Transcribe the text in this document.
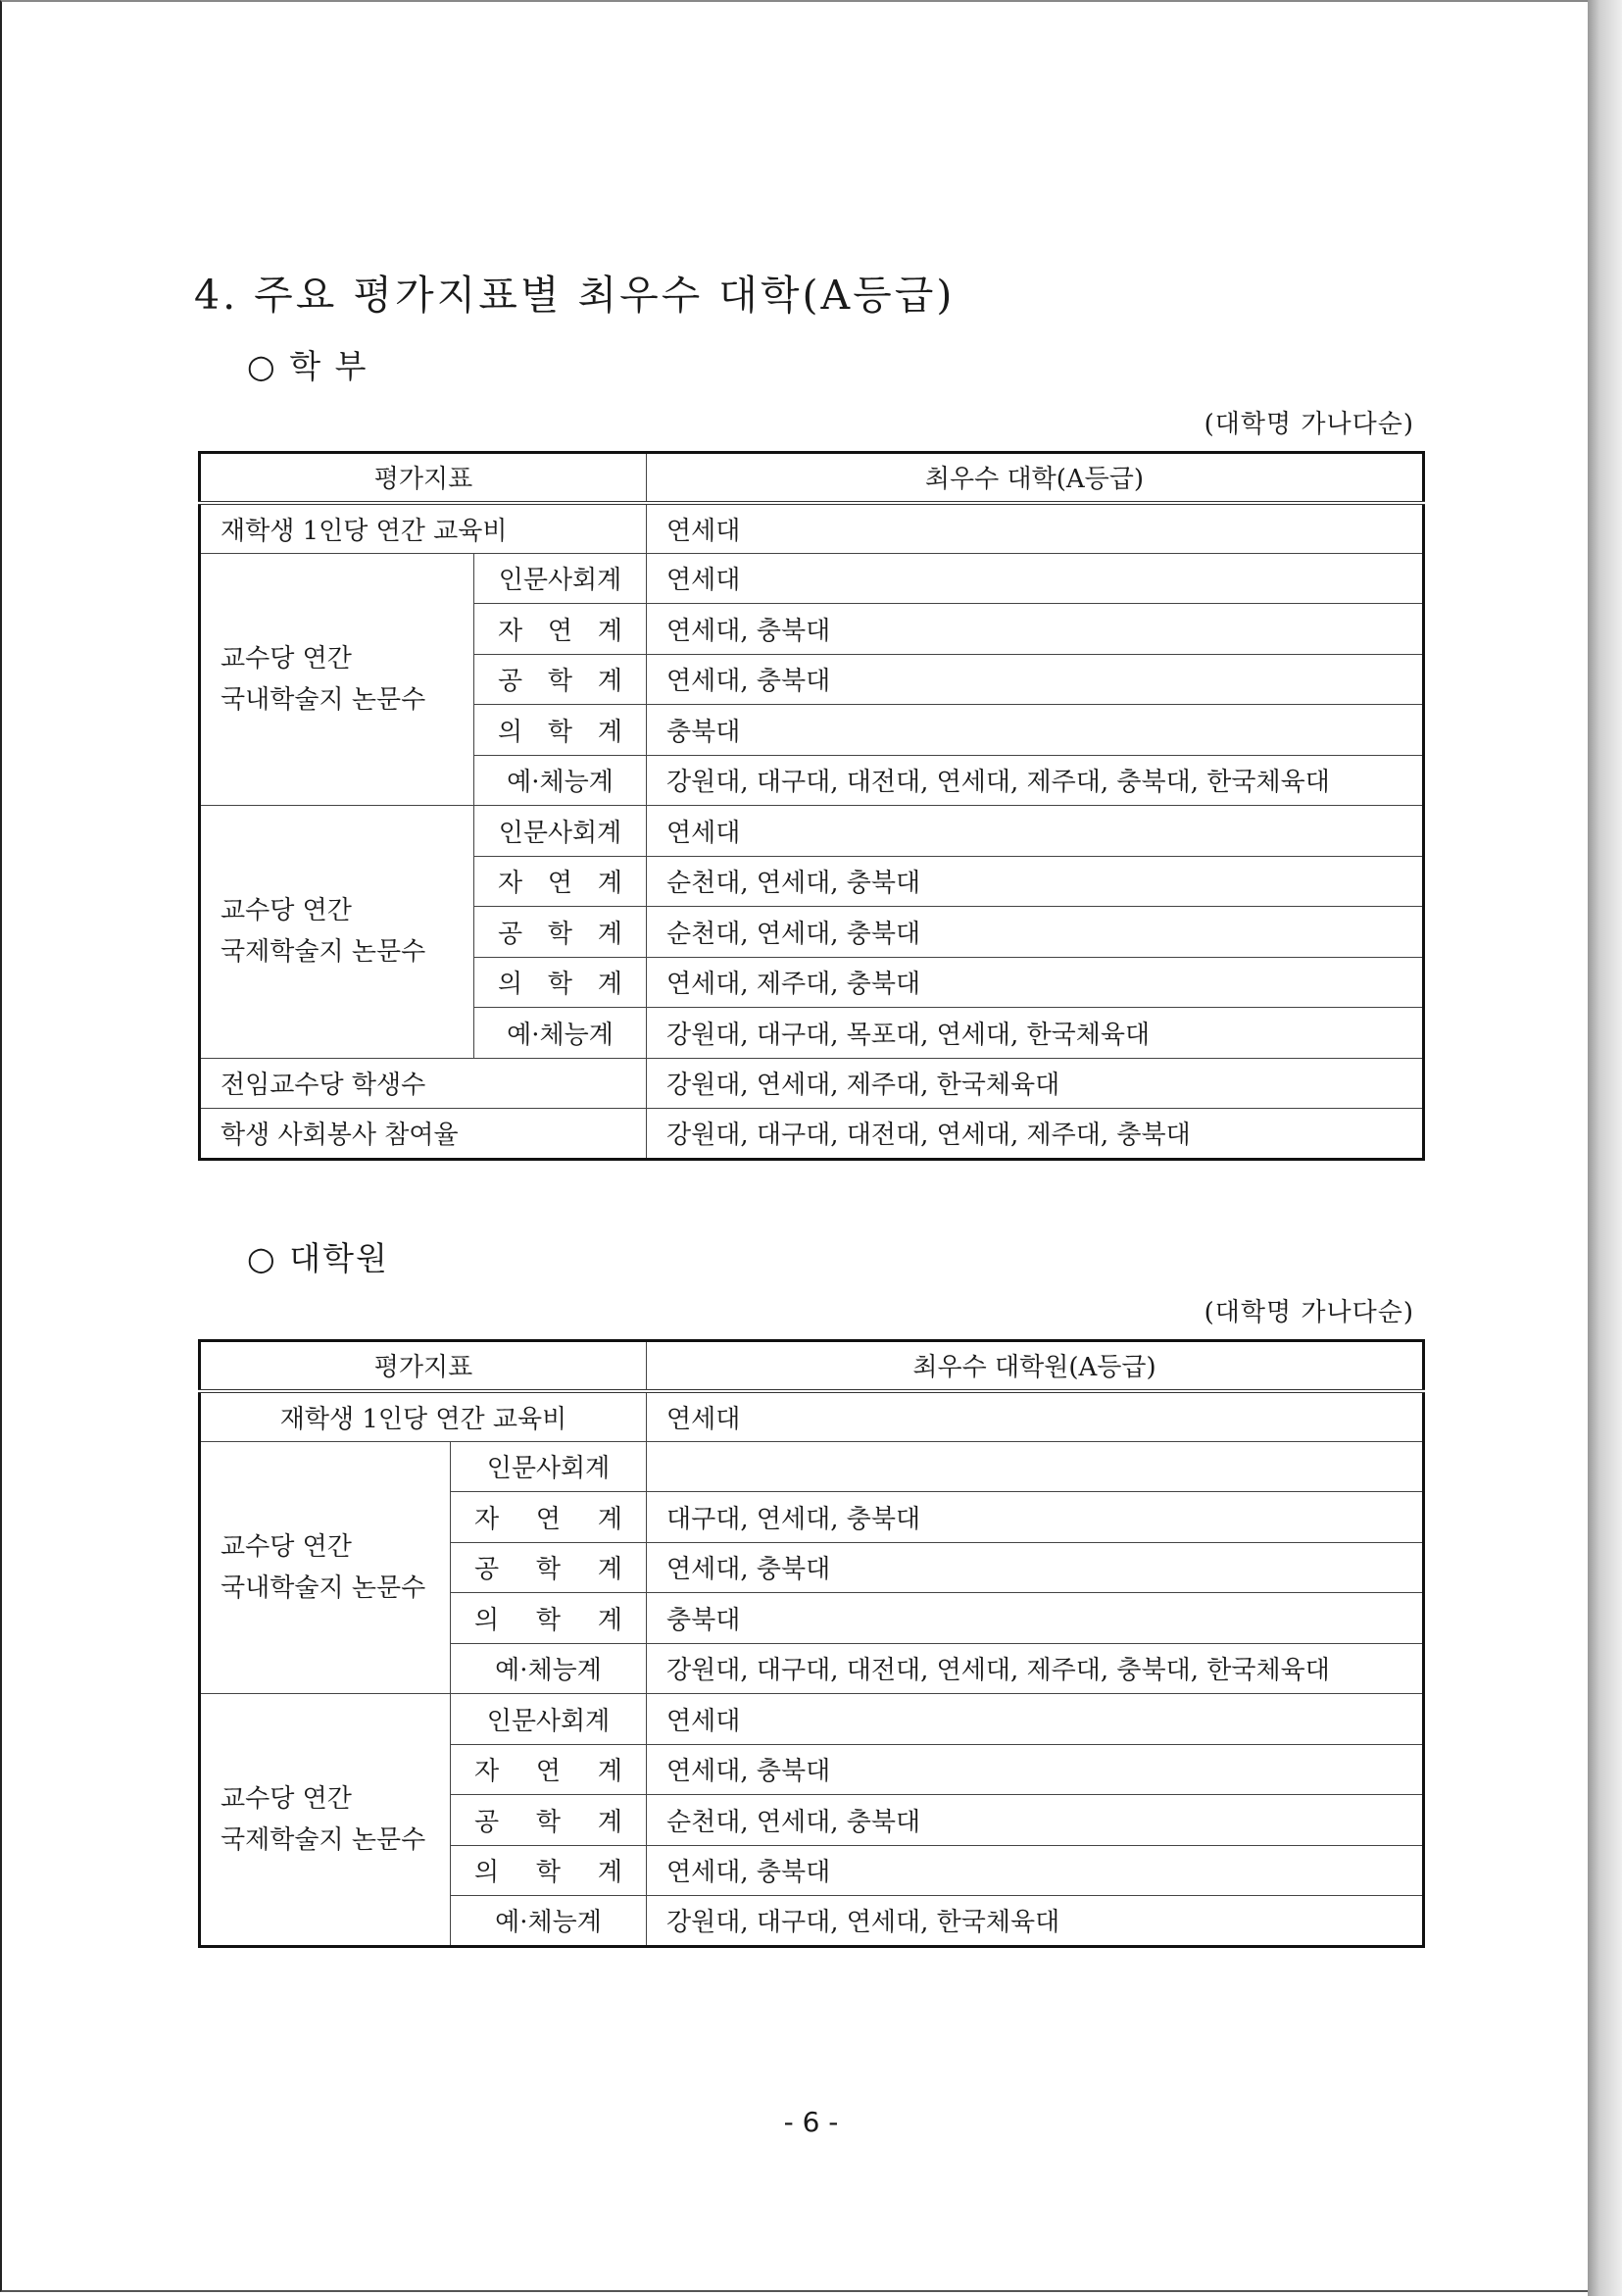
4. 주요 평가지표별 최우수 대학(A등급)
○ 학 부
(대학명 가나다순)
평가지표		최우수 대학(A등급)
재학생 1인당 연간 교육비		연세대
교수당 연간
국내학술지 논문수	인문사회계	연세대
	자 연 계	연세대, 충북대
	공 학 계	연세대, 충북대
	의 학 계	충북대
	예·체능계	강원대, 대구대, 대전대, 연세대, 제주대, 충북대, 한국체육대
교수당 연간
국제학술지 논문수	인문사회계	연세대
	자 연 계	순천대, 연세대, 충북대
	공 학 계	순천대, 연세대, 충북대
	의 학 계	연세대, 제주대, 충북대
	예·체능계	강원대, 대구대, 목포대, 연세대, 한국체육대
전임교수당 학생수		강원대, 연세대, 제주대, 한국체육대
학생 사회봉사 참여율		강원대, 대구대, 대전대, 연세대, 제주대, 충북대
○ 대학원
(대학명 가나다순)
평가지표		최우수 대학원(A등급)
재학생 1인당 연간 교육비		연세대
교수당 연간
국내학술지 논문수	인문사회계	
	자 연 계	대구대, 연세대, 충북대
	공 학 계	연세대, 충북대
	의 학 계	충북대
	예·체능계	강원대, 대구대, 대전대, 연세대, 제주대, 충북대, 한국체육대
교수당 연간
국제학술지 논문수	인문사회계	연세대
	자 연 계	연세대, 충북대
	공 학 계	순천대, 연세대, 충북대
	의 학 계	연세대, 충북대
	예·체능계	강원대, 대구대, 연세대, 한국체육대
- 6 -
